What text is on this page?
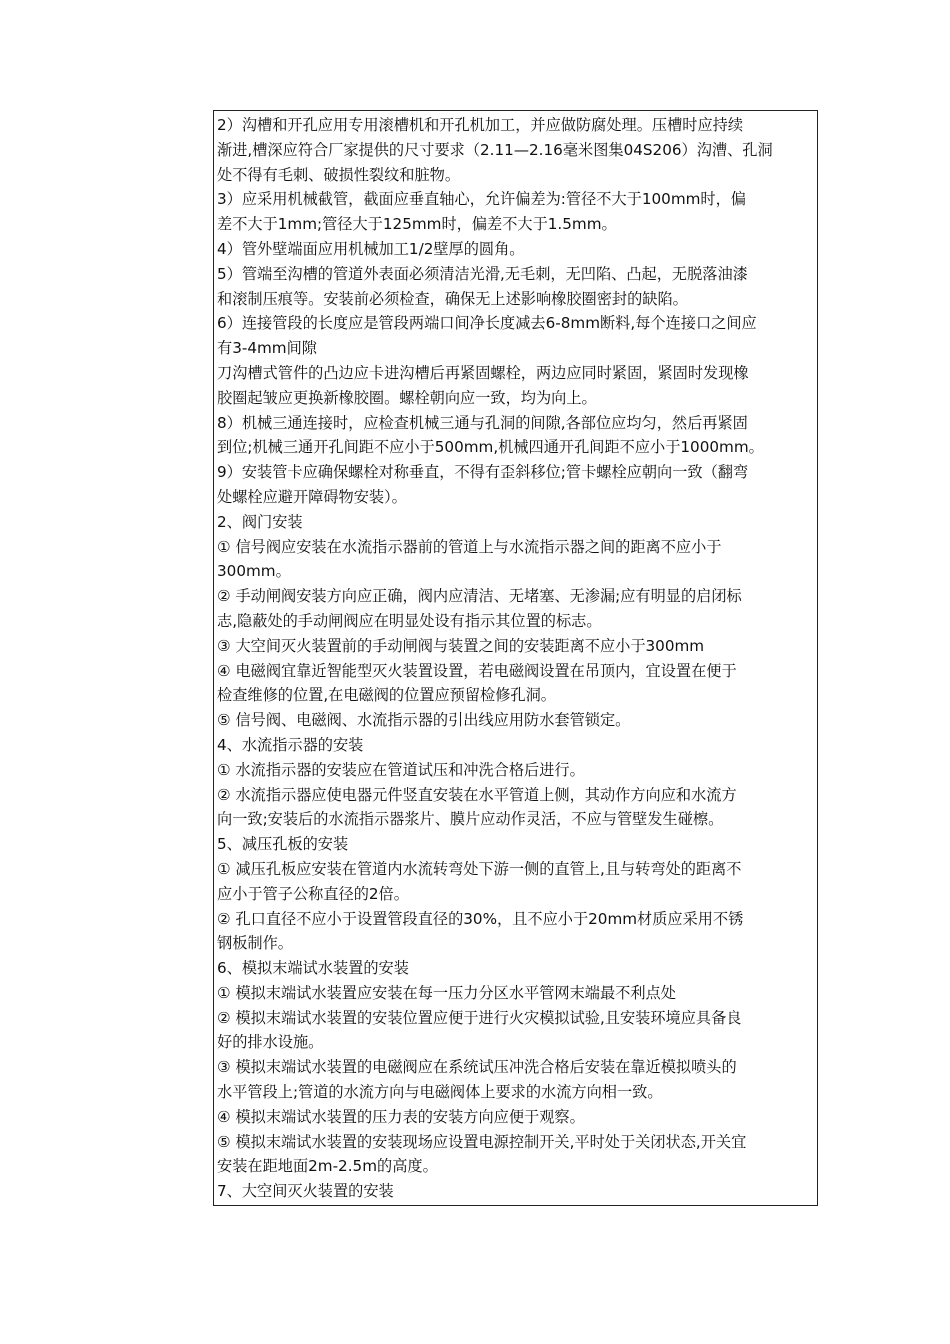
2）沟槽和开孔应用专用滚槽机和开孔机加工，并应做防腐处理。压槽时应持续
渐进,槽深应符合厂家提供的尺寸要求（2.11—2.16毫米图集04S206）沟漕、孔洞
处不得有毛刺、破损性裂纹和脏物。
3）应采用机械截管，截面应垂直轴心，允许偏差为:管径不大于100mm时，偏
差不大于1mm;管径大于125mm时，偏差不大于1.5mm。
4）管外壁端面应用机械加工1/2壁厚的圆角。
5）管端至沟槽的管道外表面必须清洁光滑,无毛刺，无凹陷、凸起，无脱落油漆
和滚制压痕等。安装前必须检查，确保无上述影响橡胶圈密封的缺陷。
6）连接管段的长度应是管段两端口间净长度减去6-8mm断料,每个连接口之间应
有3-4mm间隙
刀沟槽式管件的凸边应卡进沟槽后再紧固螺栓，两边应同时紧固，紧固时发现橡
胶圈起皱应更换新橡胶圈。螺栓朝向应一致，均为向上。
8）机械三通连接时，应检查机械三通与孔洞的间隙,各部位应均匀，然后再紧固
到位;机械三通开孔间距不应小于500mm,机械四通开孔间距不应小于1000mm。
9）安装管卡应确保螺栓对称垂直，不得有歪斜移位;管卡螺栓应朝向一致（翻弯
处螺栓应避开障碍物安装）。
2、阀门安装
① 信号阀应安装在水流指示器前的管道上与水流指示器之间的距离不应小于
300mm。
② 手动闸阀安装方向应正确，阀内应清洁、无堵塞、无渗漏;应有明显的启闭标
志,隐蔽处的手动闸阀应在明显处设有指示其位置的标志。
③ 大空间灭火装置前的手动闸阀与装置之间的安装距离不应小于300mm
④ 电磁阀宜靠近智能型灭火装置设置，若电磁阀设置在吊顶内，宜设置在便于
检查维修的位置,在电磁阀的位置应预留检修孔洞。
⑤ 信号阀、电磁阀、水流指示器的引出线应用防水套管锁定。
4、水流指示器的安装
① 水流指示器的安装应在管道试压和冲洗合格后进行。
② 水流指示器应使电器元件竖直安装在水平管道上侧，其动作方向应和水流方
向一致;安装后的水流指示器浆片、膜片应动作灵活，不应与管壁发生碰檫。
5、减压孔板的安装
① 减压孔板应安装在管道内水流转弯处下游一侧的直管上,且与转弯处的距离不
应小于管子公称直径的2倍。
② 孔口直径不应小于设置管段直径的30%，且不应小于20mm材质应采用不锈
钢板制作。
6、模拟末端试水装置的安装
① 模拟末端试水装置应安装在每一压力分区水平管网末端最不利点处
② 模拟末端试水装置的安装位置应便于进行火灾模拟试验,且安装环境应具备良
好的排水设施。
③ 模拟末端试水装置的电磁阀应在系统试压冲洗合格后安装在靠近模拟喷头的
水平管段上;管道的水流方向与电磁阀体上要求的水流方向相一致。
④ 模拟末端试水装置的压力表的安装方向应便于观察。
⑤ 模拟末端试水装置的安装现场应设置电源控制开关,平时处于关闭状态,开关宜
安装在距地面2m-2.5m的高度。
7、大空间灭火装置的安装
